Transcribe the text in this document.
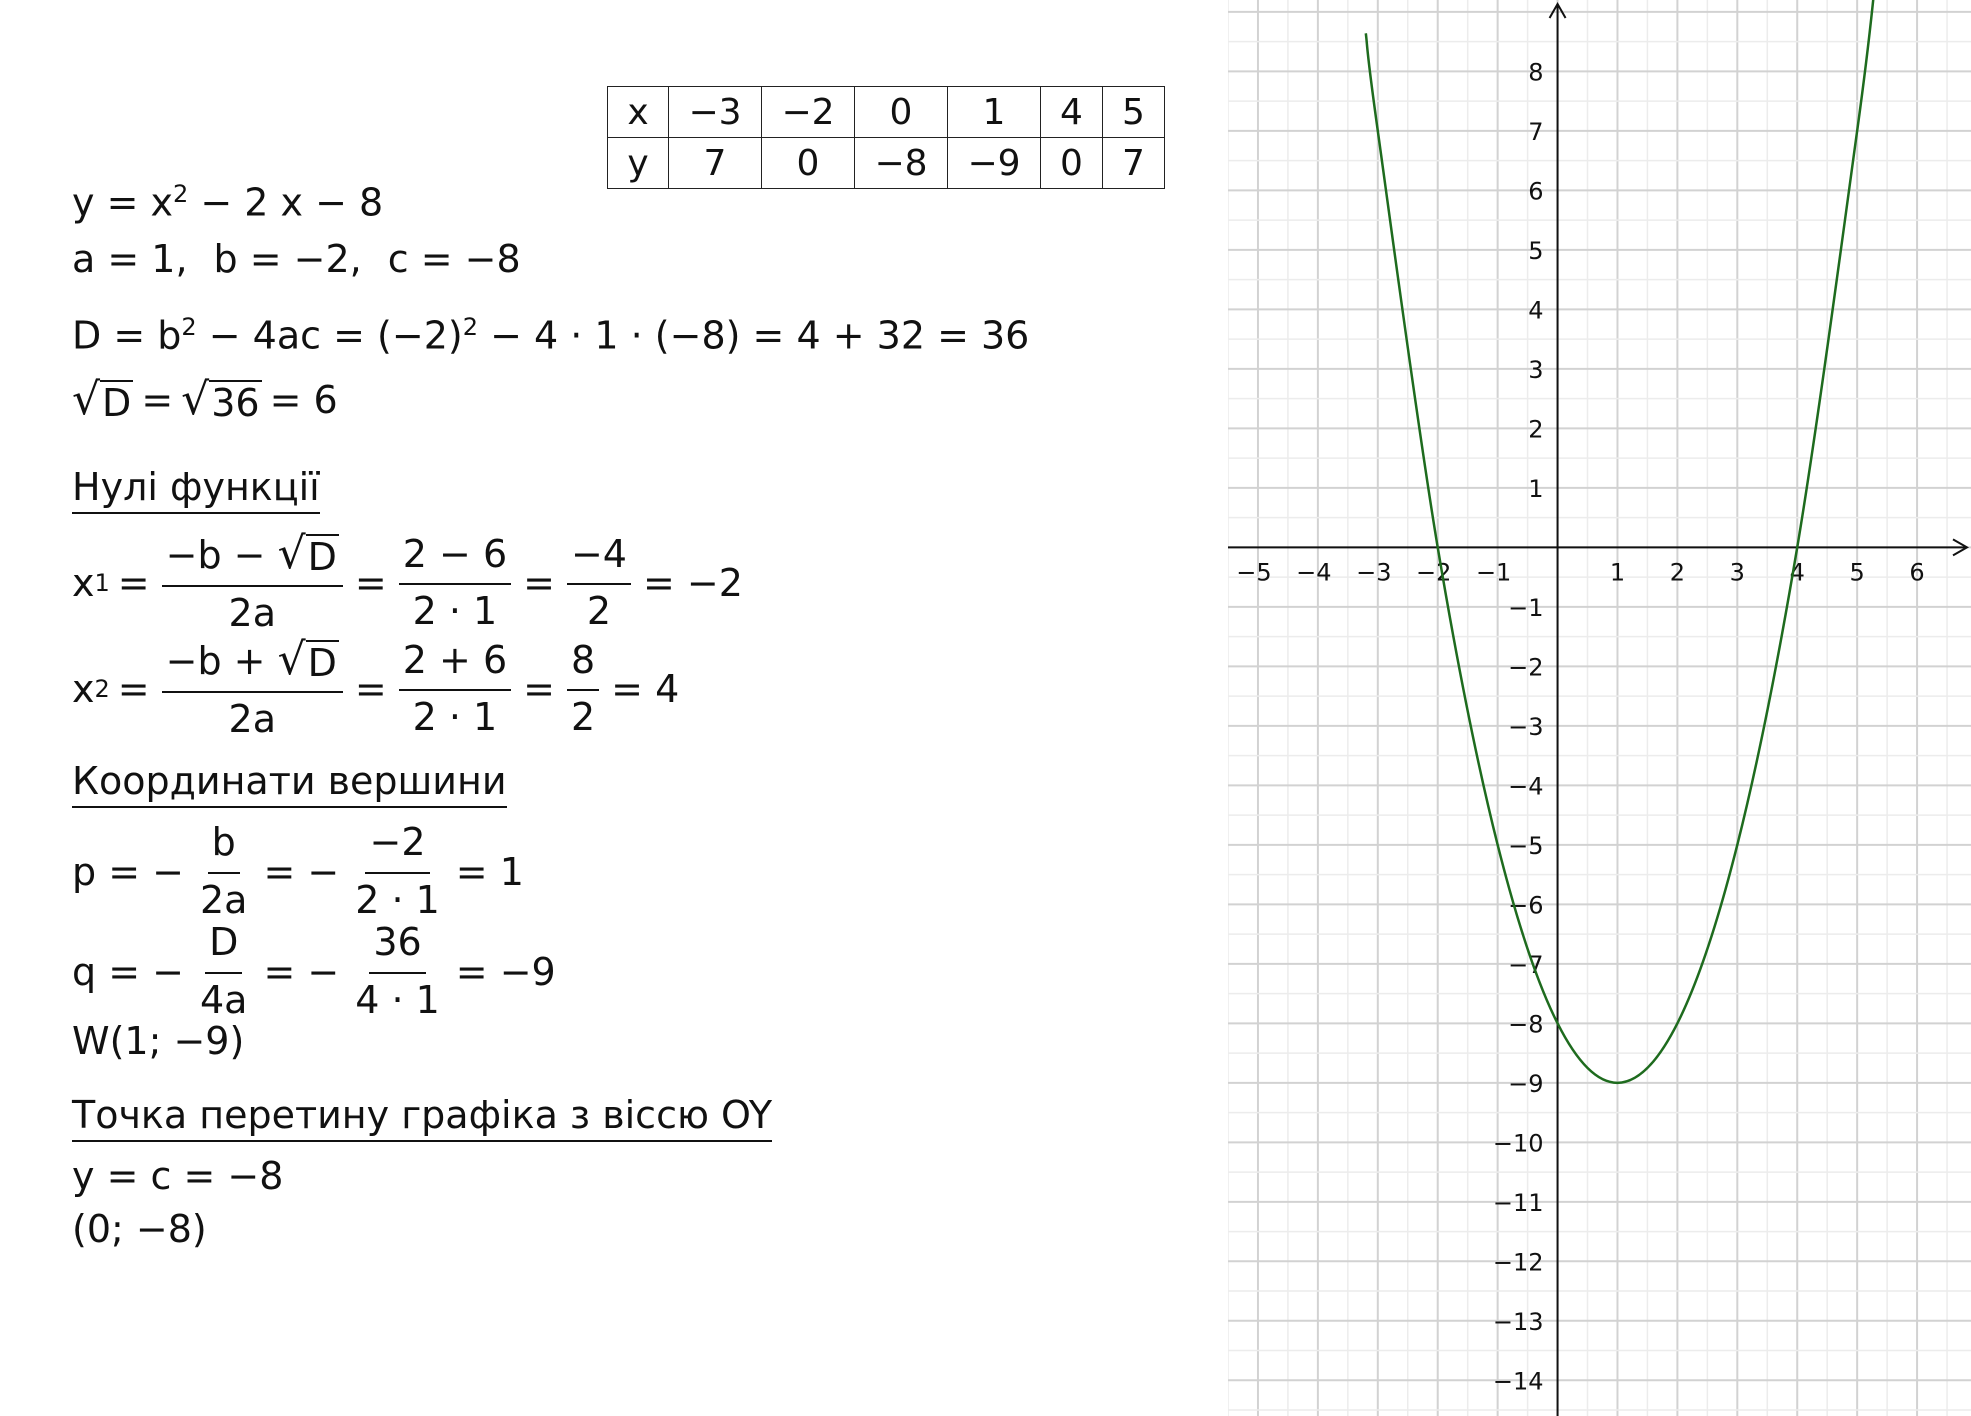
x	−3	−2	0	1	4	5
y	7	0	−8	−9	0	7
$y = x^2 - 2$ x − 8
a = 1, b = −2, c = −8
$D = b^2 - 4ac = (-2)^2 - 4 \cdot 1 \cdot (-8) = 4 + 32 = 36$
√ D = √ 36 = 6
Нулі функції
x $1 = \frac{-b - √ D}{2a} = \frac{2 - 6}{2 \cdot 1} = \frac{-4}{2} = -2$
x $2 = \frac{-b + √ D}{2a} = \frac{2 + 6}{2 \cdot 1} = \frac{8}{2} = 4$
Координати вершини
p = − $\frac{b}{2a}$ = − $\frac{-2}{2 \cdot 1} = 1$
q = − $\frac{D}{4a}$ = − $\frac{36}{4 \cdot 1} = -9$
W(1; −9)
Точка перетину графіка з віссю OY
y = c = −8
(0; −8)
−5 −4 −3 −2 −1	1 2 3 4 5 6
8
7
6
5
4
3
2
1
−1
−2
−3
−4
−5
−6
−7
−8
−9
−10
−11
−12
−13
−14
